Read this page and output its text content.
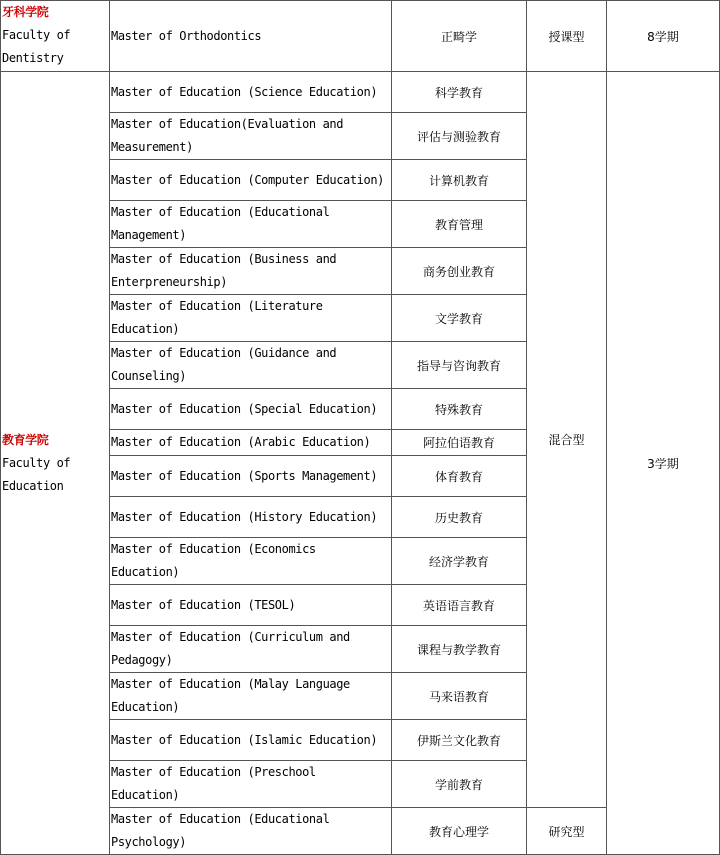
牙科学院
Faculty of Dentistry	Master of Orthodontics	正畸学	授课型	8学期

教育学院
Faculty of Education	Master of Education (Science Education)	科学教育	混合型	3学期
	Master of Education(Evaluation and Measurement)	评估与测验教育		
	Master of Education (Computer Education)	计算机教育		
	Master of Education (Educational Management)	教育管理		
	Master of Education (Business and Enterpreneurship)	商务创业教育		
	Master of Education (Literature Education)	文学教育		
	Master of Education (Guidance and Counseling)	指导与咨询教育		
	Master of Education (Special Education)	特殊教育		
	Master of Education (Arabic Education)	阿拉伯语教育		
	Master of Education (Sports Management)	体育教育		
	Master of Education (History Education)	历史教育		
	Master of Education (Economics Education)	经济学教育		
	Master of Education (TESOL)	英语语言教育		
	Master of Education (Curriculum and Pedagogy)	课程与教学教育		
	Master of Education (Malay Language Education)	马来语教育		
	Master of Education (Islamic Education)	伊斯兰文化教育		
	Master of Education (Preschool Education)	学前教育		
	Master of Education (Educational Psychology)	教育心理学	研究型	
